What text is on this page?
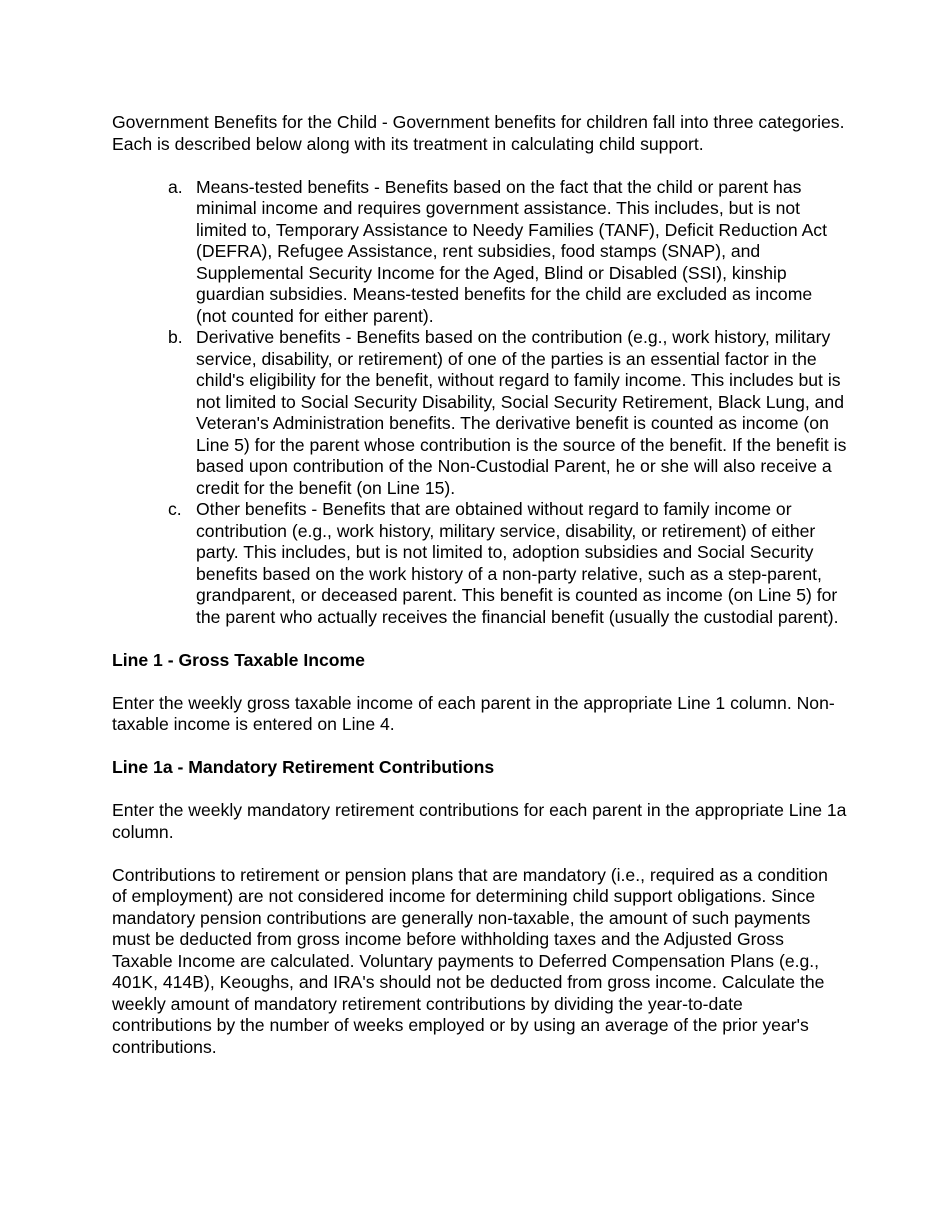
Government Benefits for the Child - Government benefits for children fall into three categories. Each is described below along with its treatment in calculating child support.

a. Means-tested benefits - Benefits based on the fact that the child or parent has minimal income and requires government assistance. This includes, but is not limited to, Temporary Assistance to Needy Families (TANF), Deficit Reduction Act (DEFRA), Refugee Assistance, rent subsidies, food stamps (SNAP), and Supplemental Security Income for the Aged, Blind or Disabled (SSI), kinship guardian subsidies. Means-tested benefits for the child are excluded as income (not counted for either parent).
b. Derivative benefits - Benefits based on the contribution (e.g., work history, military service, disability, or retirement) of one of the parties is an essential factor in the child's eligibility for the benefit, without regard to family income. This includes but is not limited to Social Security Disability, Social Security Retirement, Black Lung, and Veteran's Administration benefits. The derivative benefit is counted as income (on Line 5) for the parent whose contribution is the source of the benefit. If the benefit is based upon contribution of the Non-Custodial Parent, he or she will also receive a credit for the benefit (on Line 15).
c. Other benefits - Benefits that are obtained without regard to family income or contribution (e.g., work history, military service, disability, or retirement) of either party. This includes, but is not limited to, adoption subsidies and Social Security benefits based on the work history of a non-party relative, such as a step-parent, grandparent, or deceased parent. This benefit is counted as income (on Line 5) for the parent who actually receives the financial benefit (usually the custodial parent).
Line 1 - Gross Taxable Income

Enter the weekly gross taxable income of each parent in the appropriate Line 1 column. Non-taxable income is entered on Line 4.

Line 1a - Mandatory Retirement Contributions

Enter the weekly mandatory retirement contributions for each parent in the appropriate Line 1a column.

Contributions to retirement or pension plans that are mandatory (i.e., required as a condition of employment) are not considered income for determining child support obligations. Since mandatory pension contributions are generally non-taxable, the amount of such payments must be deducted from gross income before withholding taxes and the Adjusted Gross Taxable Income are calculated. Voluntary payments to Deferred Compensation Plans (e.g., 401K, 414B), Keoughs, and IRA's should not be deducted from gross income. Calculate the weekly amount of mandatory retirement contributions by dividing the year-to-date contributions by the number of weeks employed or by using an average of the prior year's contributions.
